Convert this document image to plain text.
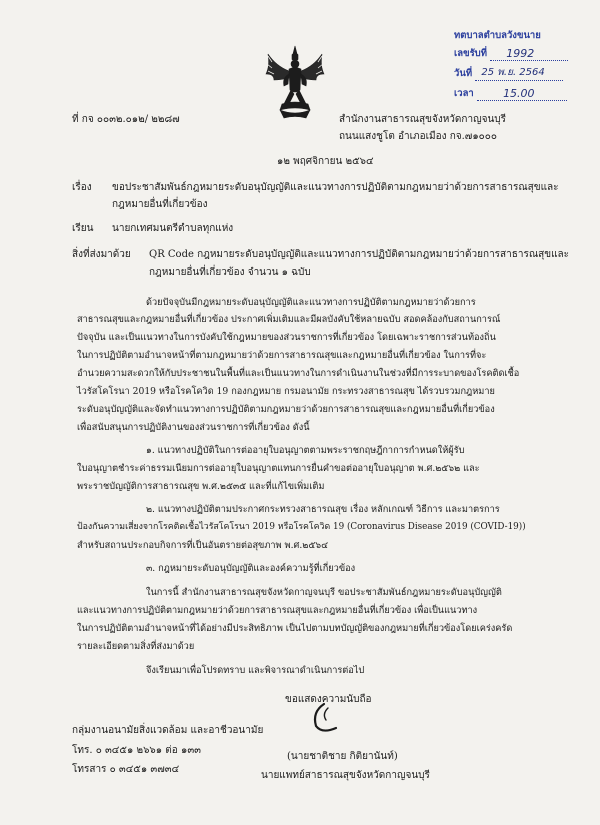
ทตบาลตำบลวังขนาย
เลขรับที่ 1992
วันที่ 25 พ.ย. 2564
เวลา	15.00
ที่ กจ ๐๐๓๒.๐๑๒/ ๒๒๘๗	สำนักงานสาธารณสุขจังหวัดกาญจนบุรี
ถนนแสงชูโต อำเภอเมือง กจ.๗๑๐๐๐
๑๒ พฤศจิกายน ๒๕๖๔
เรื่อง ขอประชาสัมพันธ์กฎหมายระดับอนุบัญญัติและแนวทางการปฏิบัติตามกฎหมายว่าด้วยการสาธารณสุขและ
กฎหมายอื่นที่เกี่ยวข้อง
เรียน นายกเทศมนตรีตำบลทุกแห่ง
สิ่งที่ส่งมาด้วย QR Code กฎหมายระดับอนุบัญญัติและแนวทางการปฏิบัติตามกฎหมายว่าด้วยการสาธารณสุขและ
กฎหมายอื่นที่เกี่ยวข้อง จำนวน ๑ ฉบับ
ด้วยปัจจุบันมีกฎหมายระดับอนุบัญญัติและแนวทางการปฏิบัติตามกฎหมายว่าด้วยการ
สาธารณสุขและกฎหมายอื่นที่เกี่ยวข้อง ประกาศเพิ่มเติมและมีผลบังคับใช้หลายฉบับ สอดคล้องกับสถานการณ์
ปัจจุบัน และเป็นแนวทางในการบังคับใช้กฎหมายของส่วนราชการที่เกี่ยวข้อง โดยเฉพาะราชการส่วนท้องถิ่น
ในการปฏิบัติตามอำนาจหน้าที่ตามกฎหมายว่าด้วยการสาธารณสุขและกฎหมายอื่นที่เกี่ยวข้อง ในการที่จะ
อำนวยความสะดวกให้กับประชาชนในพื้นที่และเป็นแนวทางในการดำเนินงานในช่วงที่มีการระบาดของโรคติดเชื้อ
ไวรัสโคโรนา 2019 หรือโรคโควิด 19 กองกฎหมาย กรมอนามัย กระทรวงสาธารณสุข ได้รวบรวมกฎหมาย
ระดับอนุบัญญัติและจัดทำแนวทางการปฏิบัติตามกฎหมายว่าด้วยการสาธารณสุขและกฎหมายอื่นที่เกี่ยวข้อง
เพื่อสนับสนุนการปฏิบัติงานของส่วนราชการที่เกี่ยวข้อง ดังนี้
๑. แนวทางปฏิบัติในการต่ออายุใบอนุญาตตามพระราชกฤษฎีกาการกำหนดให้ผู้รับ
ใบอนุญาตชำระค่าธรรมเนียมการต่ออายุใบอนุญาตแทนการยื่นคำขอต่ออายุใบอนุญาต พ.ศ.๒๕๖๒ และ
พระราชบัญญัติการสาธารณสุข พ.ศ.๒๕๓๕ และที่แก้ไขเพิ่มเติม
๒. แนวทางปฏิบัติตามประกาศกระทรวงสาธารณสุข เรื่อง หลักเกณฑ์ วิธีการ และมาตรการ
ป้องกันความเสี่ยงจากโรคติดเชื้อไวรัสโคโรนา 2019 หรือโรคโควิด 19 (Coronavirus Disease 2019 (COVID-19))
สำหรับสถานประกอบกิจการที่เป็นอันตรายต่อสุขภาพ พ.ศ.๒๕๖๔
๓. กฎหมายระดับอนุบัญญัติและองค์ความรู้ที่เกี่ยวข้อง
ในการนี้ สำนักงานสาธารณสุขจังหวัดกาญจนบุรี ขอประชาสัมพันธ์กฎหมายระดับอนุบัญญัติ
และแนวทางการปฏิบัติตามกฎหมายว่าด้วยการสาธารณสุขและกฎหมายอื่นที่เกี่ยวข้อง เพื่อเป็นแนวทาง
ในการปฏิบัติตามอำนาจหน้าที่ได้อย่างมีประสิทธิภาพ เป็นไปตามบทบัญญัติของกฎหมายที่เกี่ยวข้องโดยเคร่งครัด
รายละเอียดตามสิ่งที่ส่งมาด้วย
จึงเรียนมาเพื่อโปรดทราบ และพิจารณาดำเนินการต่อไป
ขอแสดงความนับถือ
(นายชาติชาย กิติยานันท์)
นายแพทย์สาธารณสุขจังหวัดกาญจนบุรี
กลุ่มงานอนามัยสิ่งแวดล้อม และอาชีวอนามัย
โทร. ๐ ๓๔๕๑ ๒๖๖๑ ต่อ ๑๓๓
โทรสาร ๐ ๓๔๕๑ ๓๗๓๔
